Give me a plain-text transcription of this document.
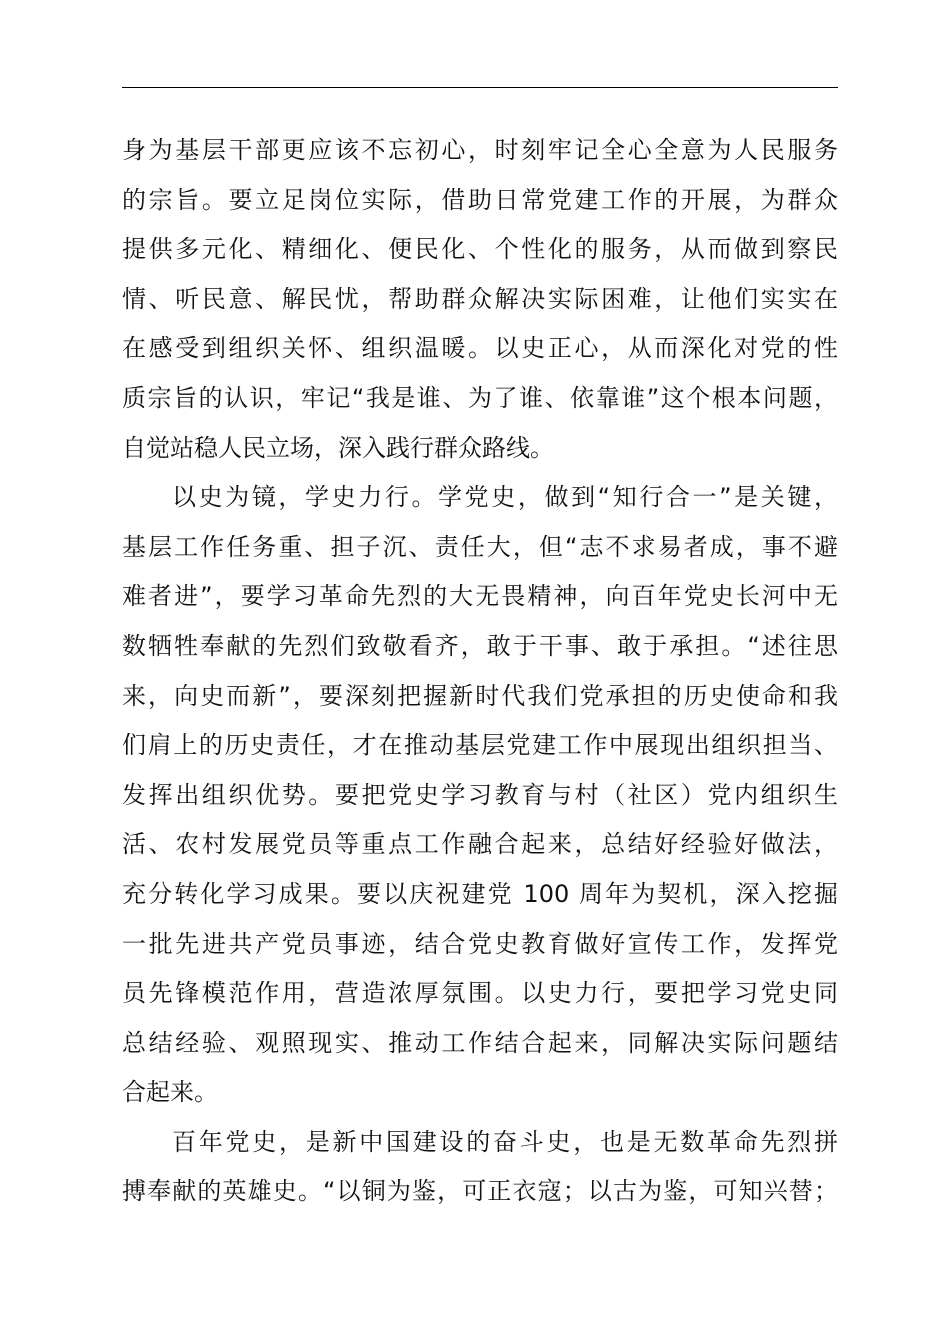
身为基层干部更应该不忘初心，时刻牢记全心全意为人民服务
的宗旨。要立足岗位实际，借助日常党建工作的开展，为群众
提供多元化、精细化、便民化、个性化的服务，从而做到察民
情、听民意、解民忧，帮助群众解决实际困难，让他们实实在
在感受到组织关怀、组织温暖。以史正心，从而深化对党的性
质宗旨的认识，牢记“我是谁、为了谁、依靠谁”这个根本问题，
自觉站稳人民立场，深入践行群众路线。
以史为镜，学史力行。学党史，做到“知行合一”是关键，
基层工作任务重、担子沉、责任大，但“志不求易者成，事不避
难者进”，要学习革命先烈的大无畏精神，向百年党史长河中无
数牺牲奉献的先烈们致敬看齐，敢于干事、敢于承担。“述往思
来，向史而新”，要深刻把握新时代我们党承担的历史使命和我
们肩上的历史责任，才在推动基层党建工作中展现出组织担当、
发挥出组织优势。要把党史学习教育与村（社区）党内组织生
活、农村发展党员等重点工作融合起来，总结好经验好做法，
充分转化学习成果。要以庆祝建党 100 周年为契机，深入挖掘
一批先进共产党员事迹，结合党史教育做好宣传工作，发挥党
员先锋模范作用，营造浓厚氛围。以史力行，要把学习党史同
总结经验、观照现实、推动工作结合起来，同解决实际问题结
合起来。
百年党史，是新中国建设的奋斗史，也是无数革命先烈拼
搏奉献的英雄史。“以铜为鉴，可正衣寇；以古为鉴，可知兴替；
